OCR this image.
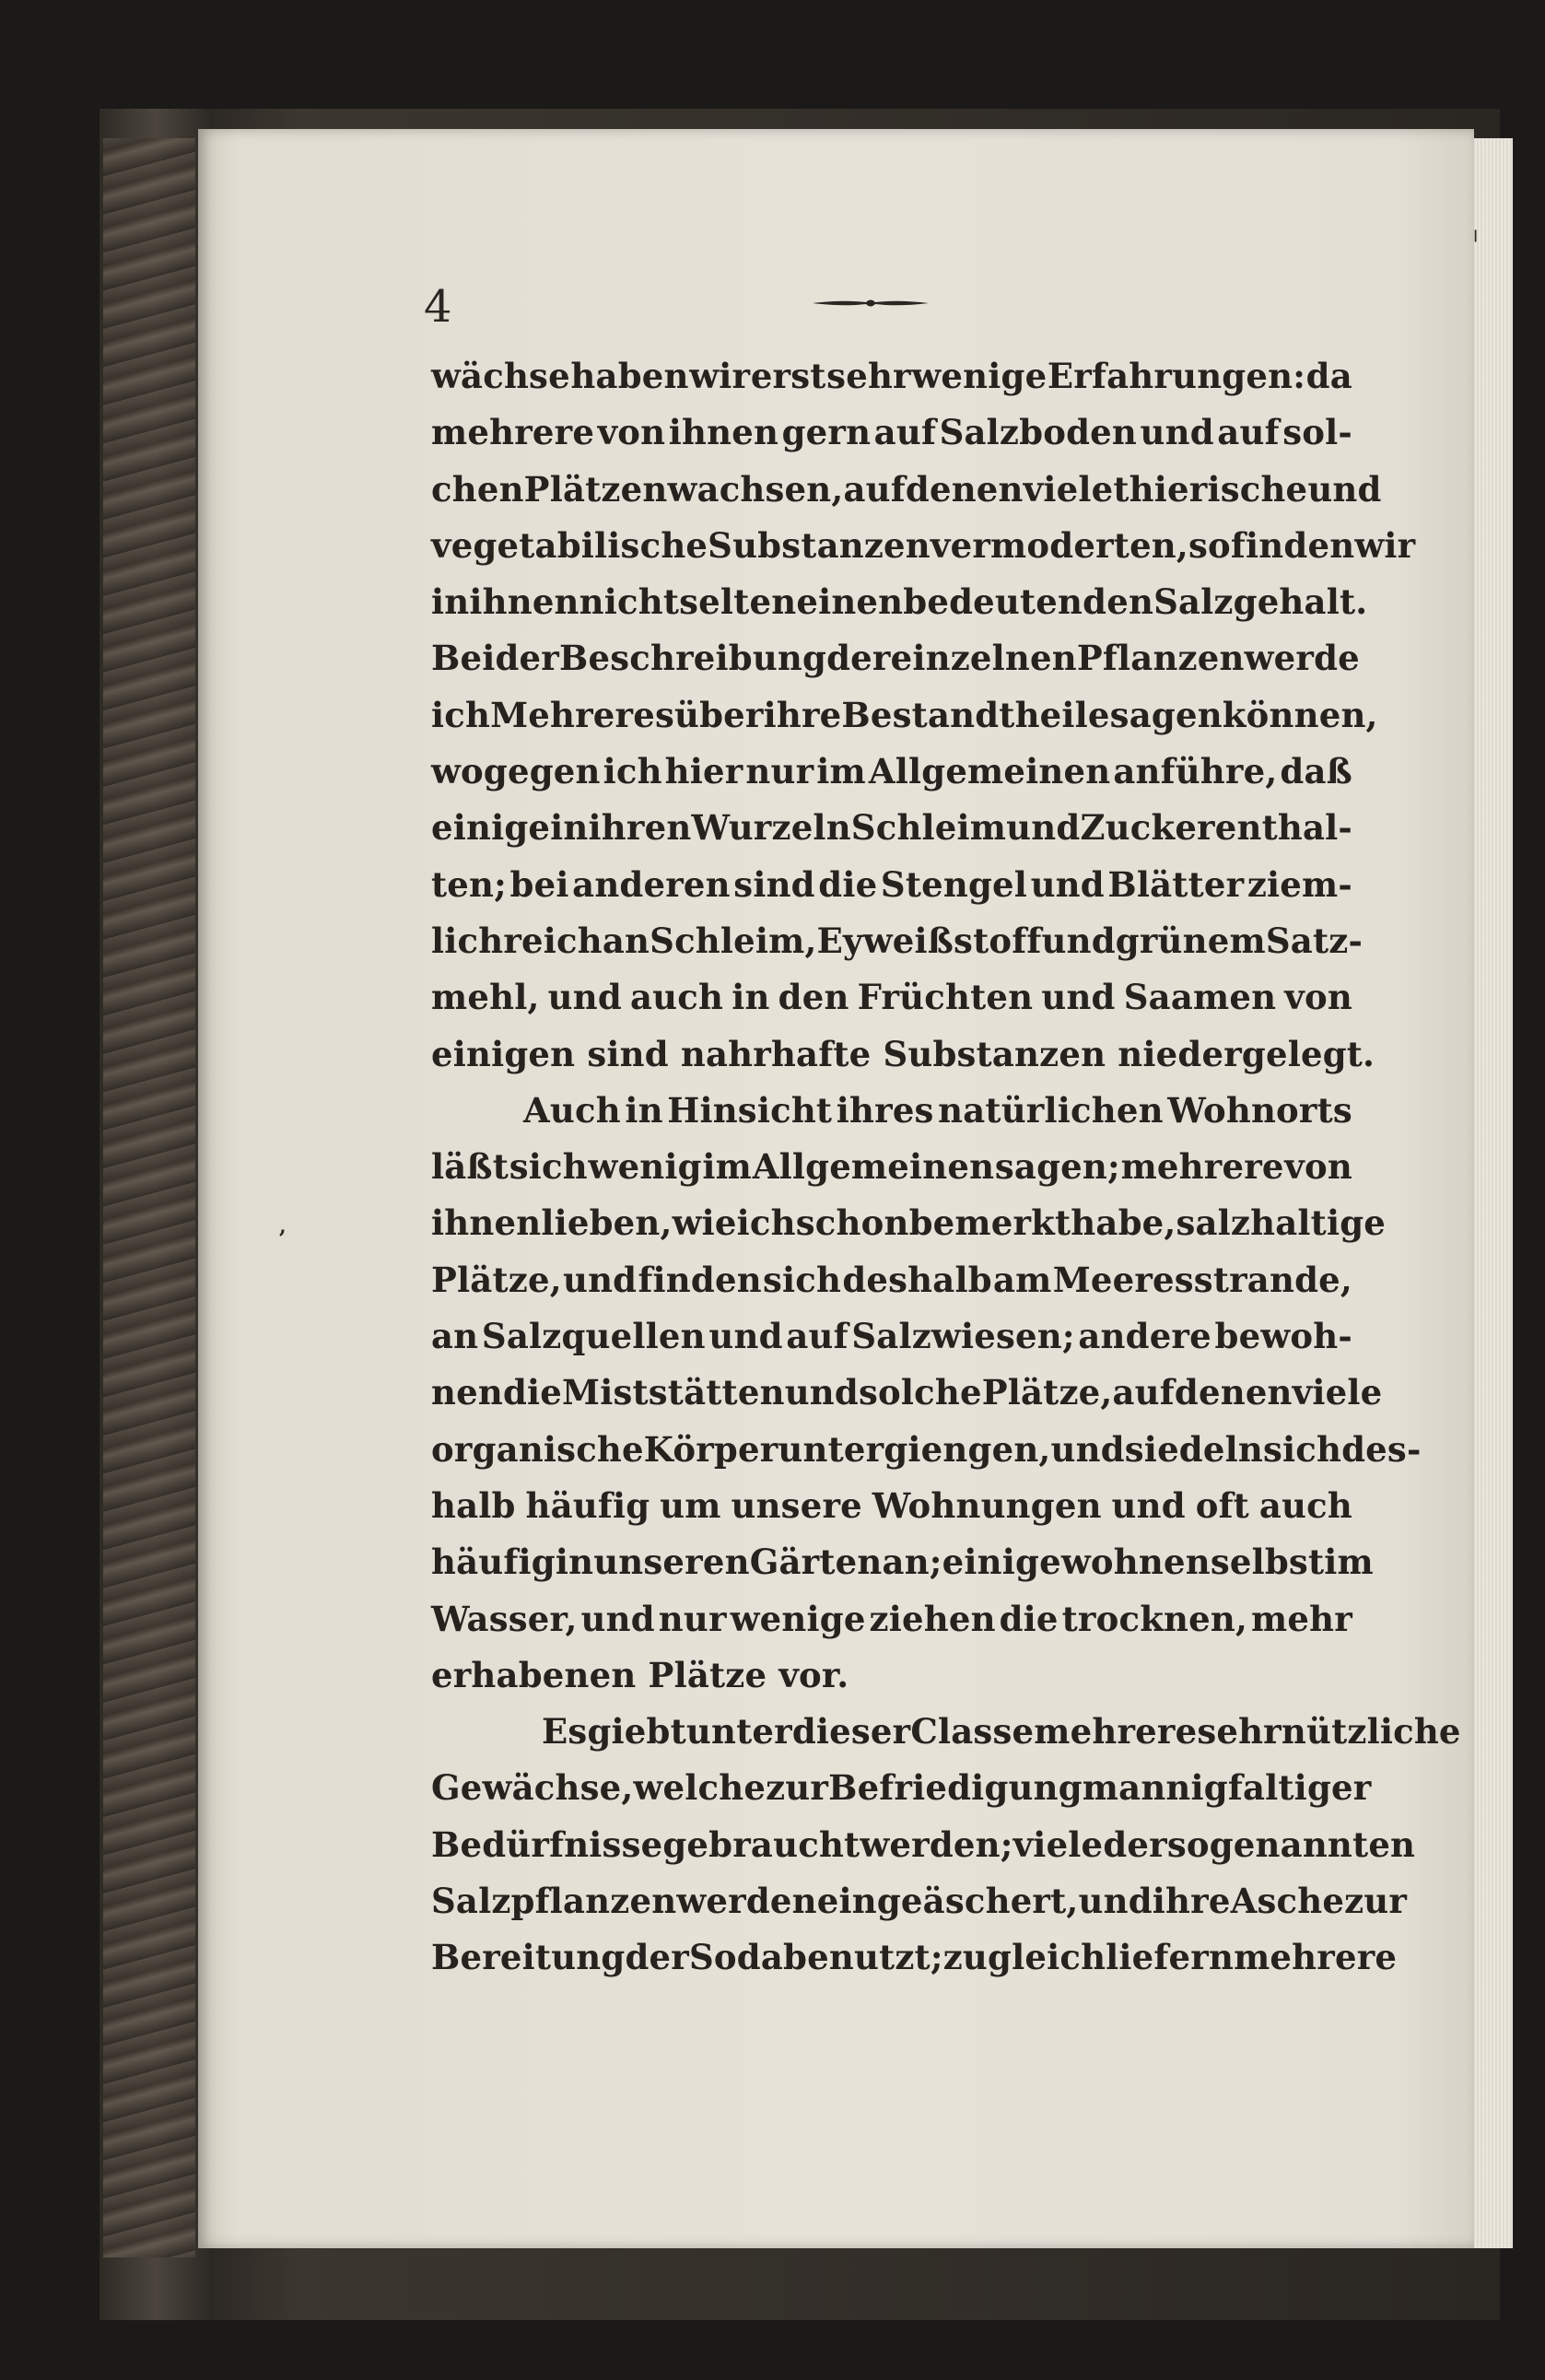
4
wächse haben wir erst sehr wenige Erfahrungen: da
mehrere von ihnen gern auf Salzboden und auf sol-
chen Plätzen wachsen, auf denen viele thierische und
vegetabilische Substanzen vermoderten, so finden wir
in ihnen nicht selten einen bedeutenden Salzgehalt.
Bei der Beschreibung der einzelnen Pflanzen werde
ich Mehreres über ihre Bestandtheile sagen können,
wogegen ich hier nur im Allgemeinen anführe, daß
einige in ihren Wurzeln Schleim und Zucker enthal-
ten; bei anderen sind die Stengel und Blätter ziem-
lich reich an Schleim, Eyweißstoff und grünem Satz-
mehl, und auch in den Früchten und Saamen von
einigen sind nahrhafte Substanzen niedergelegt.
Auch in Hinsicht ihres natürlichen Wohnorts
läßt sich wenig im Allgemeinen sagen; mehrere von
ihnen lieben, wie ich schon bemerkt habe, salzhaltige
Plätze, und finden sich deshalb am Meeresstrande,
an Salzquellen und auf Salzwiesen; andere bewoh-
nen die Miststätten und solche Plätze, auf denen viele
organische Körper untergiengen, und siedeln sich des-
halb häufig um unsere Wohnungen und oft auch
häufig in unseren Gärten an; einige wohnen selbst im
Wasser, und nur wenige ziehen die trocknen, mehr
erhabenen Plätze vor.
Es giebt unter dieser Classe mehrere sehr nützliche
Gewächse, welche zur Befriedigung mannigfaltiger
Bedürfnisse gebraucht werden; viele der sogenannten
Salzpflanzen werden eingeäschert, und ihre Asche zur
Bereitung der Soda benutzt; zugleich liefern mehrere
,
╵
